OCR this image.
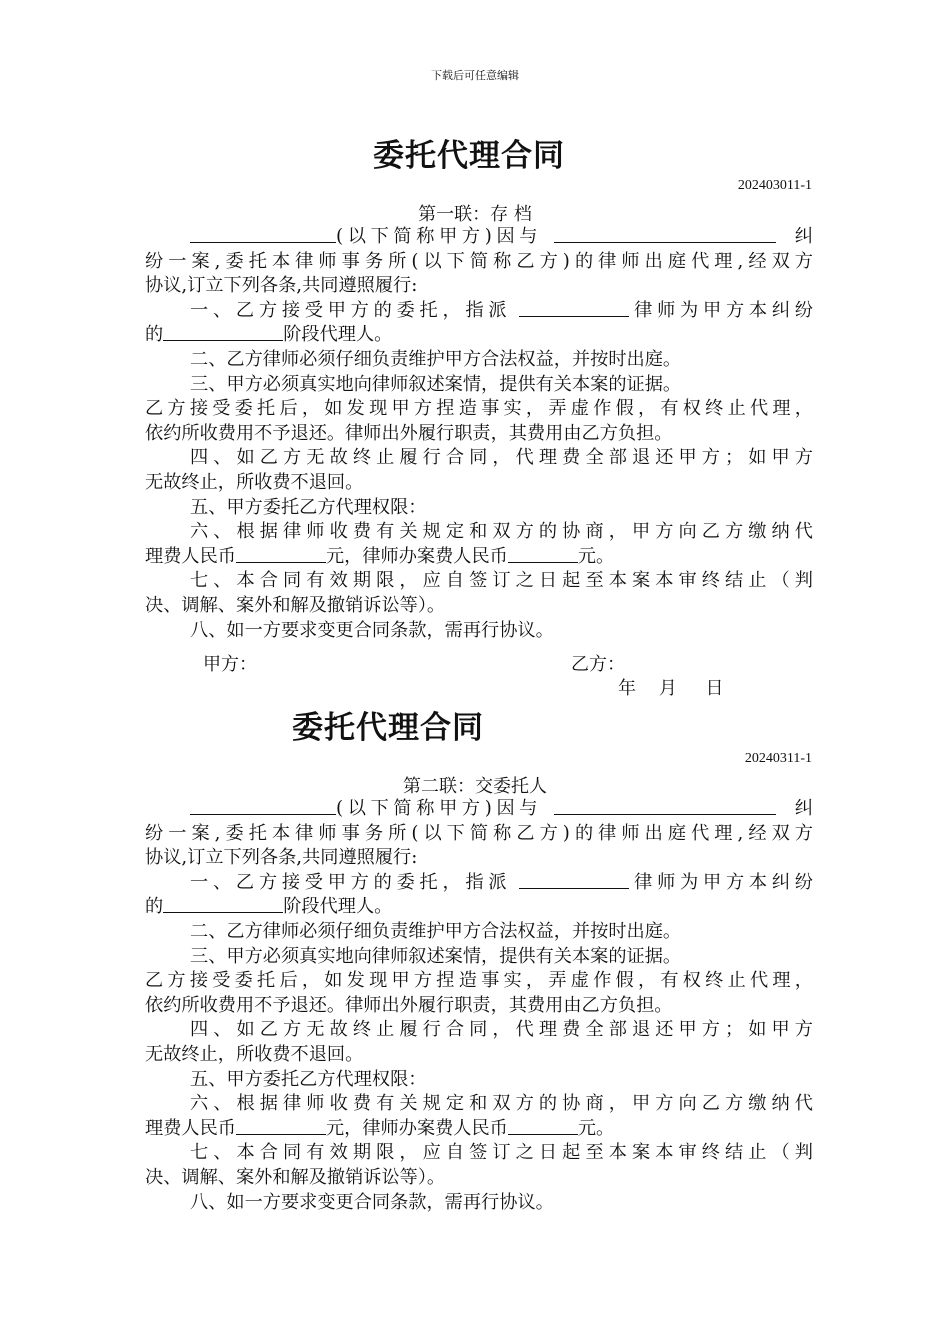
下载后可任意编辑
委托代理合同
202403011-1
第一联：存 档

(以下简称甲方)因与	纠

纷一案,委托本律师事务所(以下简称乙方)的律师出庭代理,经双方

协议,订立下列各条,共同遵照履行:

一、乙方接受甲方的委托，指派	律师为甲方本纠纷

的	阶段代理人。

二、乙方律师必须仔细负责维护甲方合法权益，并按时出庭。

三、甲方必须真实地向律师叙述案情，提供有关本案的证据。

乙方接受委托后，如发现甲方捏造事实，弄虚作假，有权终止代理，

依约所收费用不予退还。律师出外履行职责，其费用由乙方负担。

四、如乙方无故终止履行合同，代理费全部退还甲方；如甲方

无故终止，所收费不退回。

五、甲方委托乙方代理权限：

六、根据律师收费有关规定和双方的协商，甲方向乙方缴纳代

理费人民币	元，律师办案费人民币	元。

七、本合同有效期限，应自签订之日起至本案本审终结止（判

决、调解、案外和解及撤销诉讼等）。

八、如一方要求变更合同条款，需再行协议。

甲方：	乙方：
年    月     日
委托代理合同
20240311-1
第二联：交委托人

(以下简称甲方)因与	纠

纷一案,委托本律师事务所(以下简称乙方)的律师出庭代理,经双方

协议,订立下列各条,共同遵照履行:

一、乙方接受甲方的委托，指派	律师为甲方本纠纷

的	阶段代理人。

二、乙方律师必须仔细负责维护甲方合法权益，并按时出庭。

三、甲方必须真实地向律师叙述案情，提供有关本案的证据。

乙方接受委托后，如发现甲方捏造事实，弄虚作假，有权终止代理，

依约所收费用不予退还。律师出外履行职责，其费用由乙方负担。

四、如乙方无故终止履行合同，代理费全部退还甲方；如甲方

无故终止，所收费不退回。

五、甲方委托乙方代理权限：

六、根据律师收费有关规定和双方的协商，甲方向乙方缴纳代

理费人民币	元，律师办案费人民币	元。

七、本合同有效期限，应自签订之日起至本案本审终结止（判

决、调解、案外和解及撤销诉讼等）。

八、如一方要求变更合同条款，需再行协议。
